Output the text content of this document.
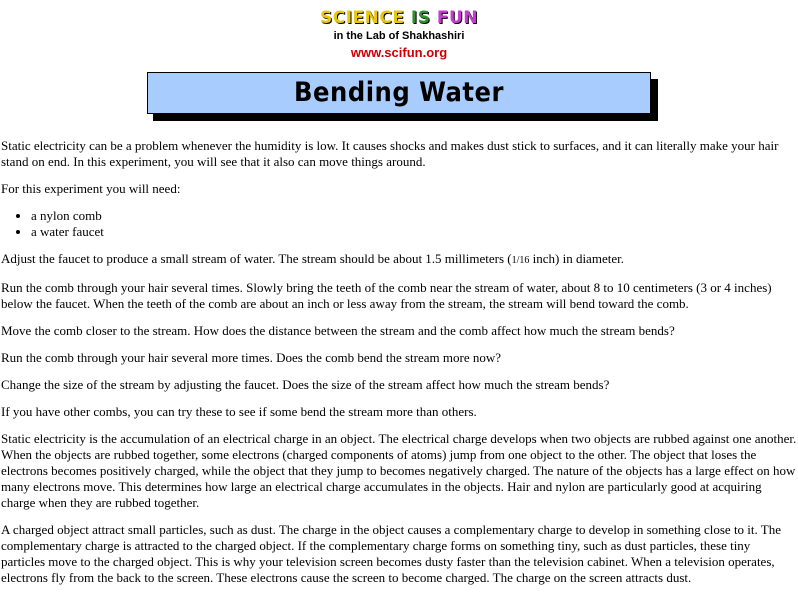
SCIENCE IS FUN
in the Lab of Shakhashiri
www.scifun.org
Bending Water

Static electricity can be a problem whenever the humidity is low. It causes shocks and makes dust stick to surfaces, and it can literally make your hair stand on end. In this experiment, you will see that it also can move things around.

For this experiment you will need:

• a nylon comb
• a water faucet

Adjust the faucet to produce a small stream of water. The stream should be about 1.5 millimeters (1/16 inch) in diameter.

Run the comb through your hair several times. Slowly bring the teeth of the comb near the stream of water, about 8 to 10 centimeters (3 or 4 inches) below the faucet. When the teeth of the comb are about an inch or less away from the stream, the stream will bend toward the comb.

Move the comb closer to the stream. How does the distance between the stream and the comb affect how much the stream bends?

Run the comb through your hair several more times. Does the comb bend the stream more now?

Change the size of the stream by adjusting the faucet. Does the size of the stream affect how much the stream bends?

If you have other combs, you can try these to see if some bend the stream more than others.

Static electricity is the accumulation of an electrical charge in an object. The electrical charge develops when two objects are rubbed against one another. When the objects are rubbed together, some electrons (charged components of atoms) jump from one object to the other. The object that loses the electrons becomes positively charged, while the object that they jump to becomes negatively charged. The nature of the objects has a large effect on how many electrons move. This determines how large an electrical charge accumulates in the objects. Hair and nylon are particularly good at acquiring charge when they are rubbed together.

A charged object attract small particles, such as dust. The charge in the object causes a complementary charge to develop in something close to it. The complementary charge is attracted to the charged object. If the complementary charge forms on something tiny, such as dust particles, these tiny particles move to the charged object. This is why your television screen becomes dusty faster than the television cabinet. When a television operates, electrons fly from the back to the screen. These electrons cause the screen to become charged. The charge on the screen attracts dust.
